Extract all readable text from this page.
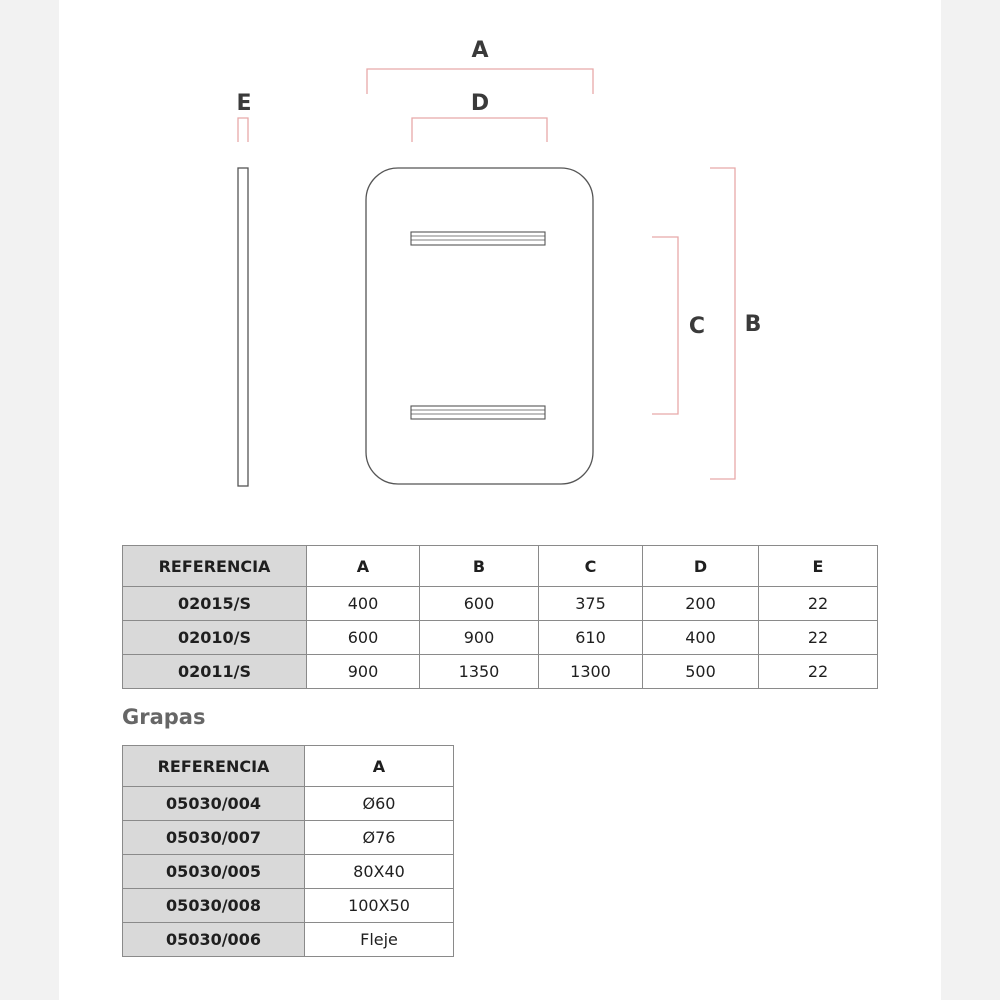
E
A
D
C B
REFERENCIA	A	B	C	D	E
02015/S	400	600	375	200	22
02010/S	600	900	610	400	22
02011/S	900	1350	1300	500	22
Grapas
REFERENCIA	A
05030/004	Ø60
05030/007	Ø76
05030/005	80X40
05030/008	100X50
05030/006	Fleje
